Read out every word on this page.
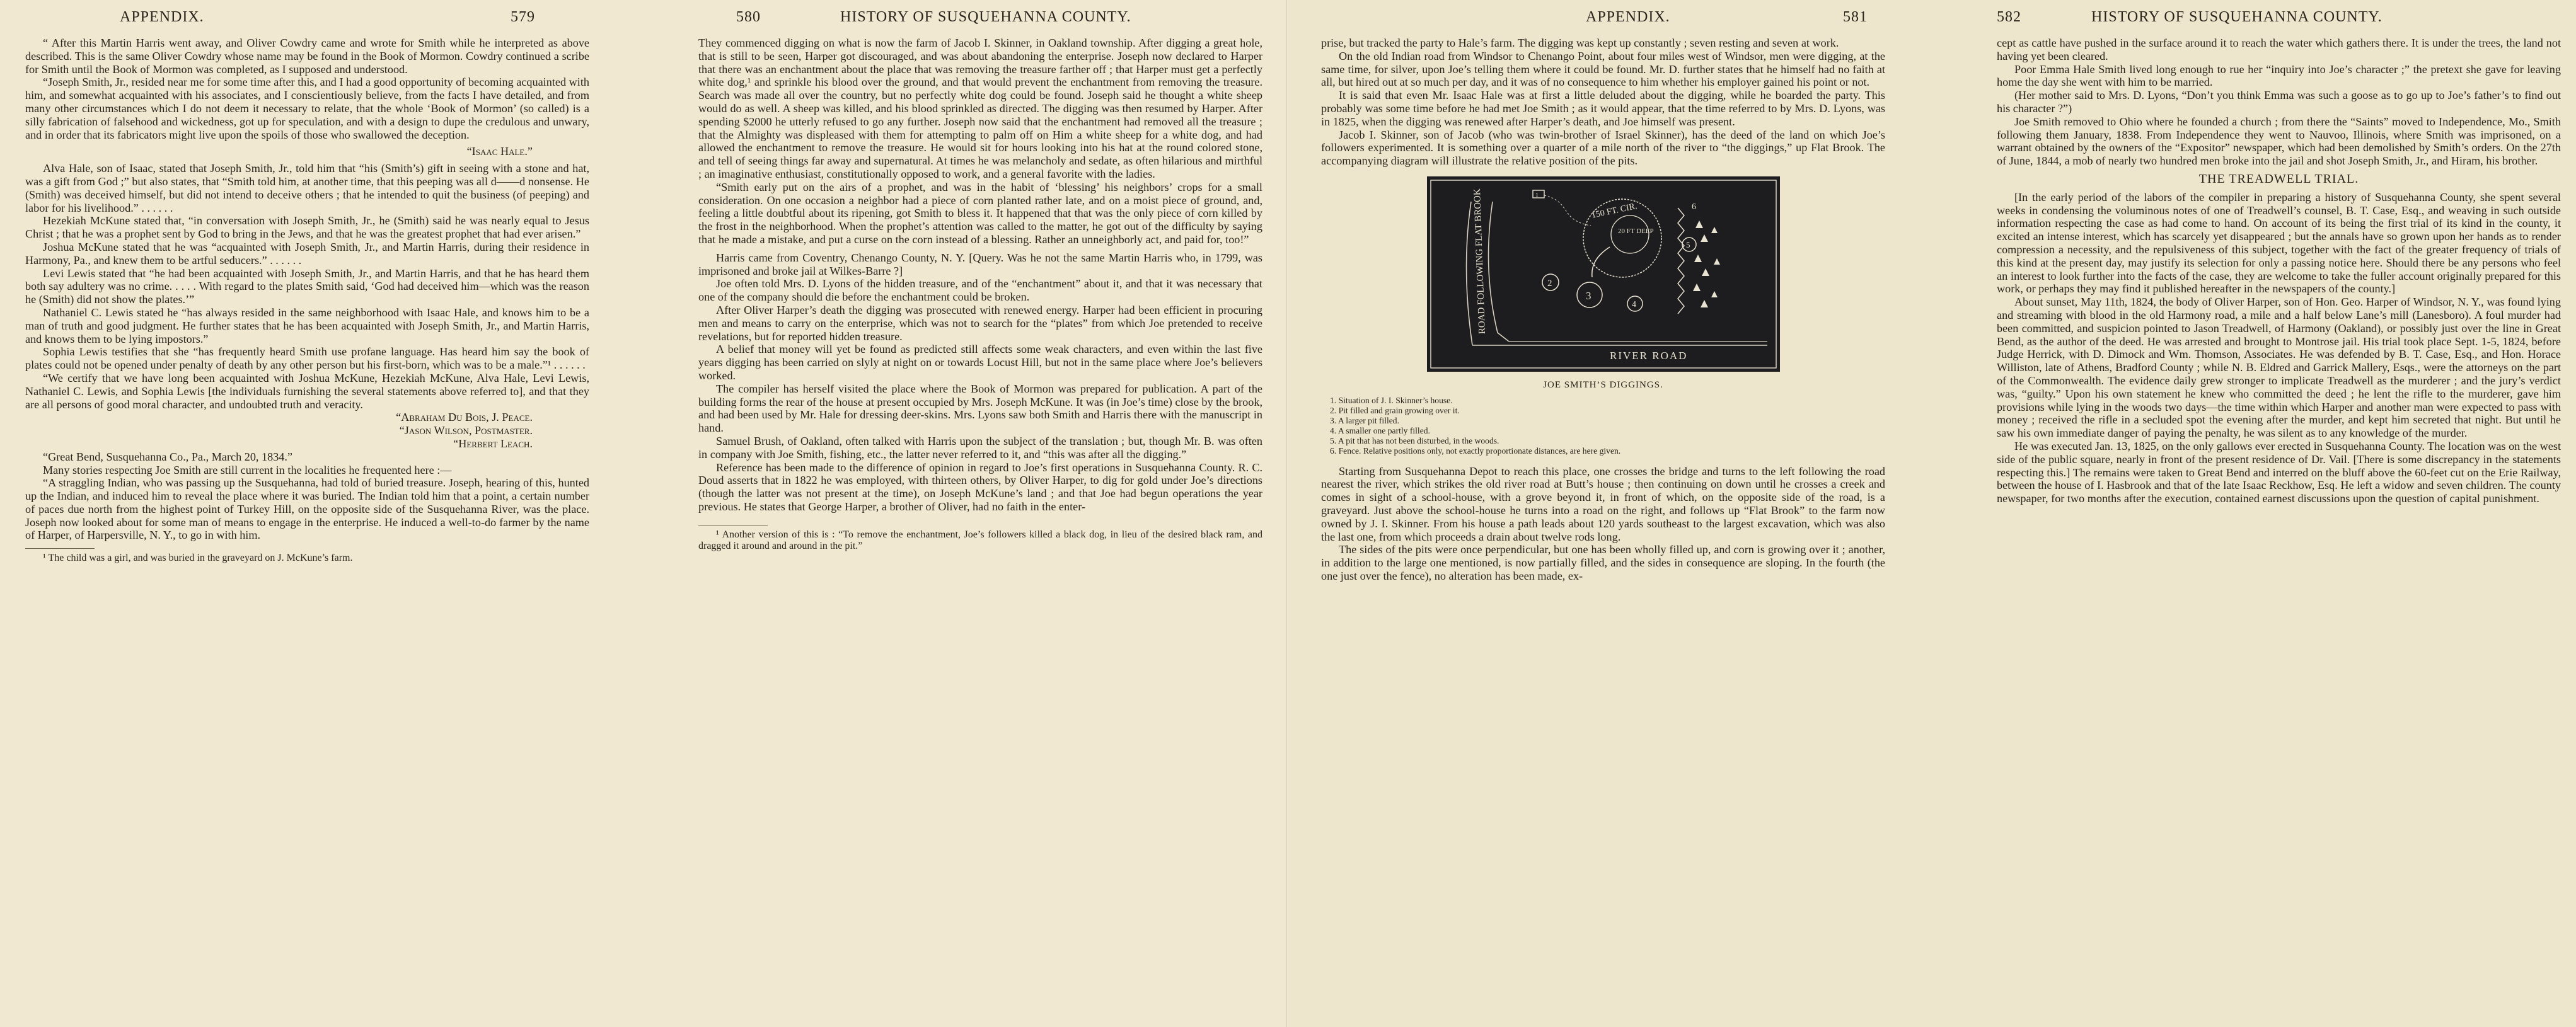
APPENDIX.	579

“ After this Martin Harris went away, and Oliver Cowdry came and wrote for Smith while he interpreted as above described. This is the same Oliver Cowdry whose name may be found in the Book of Mormon. Cowdry continued a scribe for Smith until the Book of Mormon was completed, as I supposed and understood.

“Joseph Smith, Jr., resided near me for some time after this, and I had a good opportunity of becoming acquainted with him, and somewhat acquainted with his associates, and I conscientiously believe, from the facts I have detailed, and from many other circumstances which I do not deem it necessary to relate, that the whole ‘Book of Mormon’ (so called) is a silly fabrication of falsehood and wickedness, got up for speculation, and with a design to dupe the credulous and unwary, and in order that its fabricators might live upon the spoils of those who swallowed the deception.

“Isaac Hale.”

Alva Hale, son of Isaac, stated that Joseph Smith, Jr., told him that “his (Smith’s) gift in seeing with a stone and hat, was a gift from God ;” but also states, that “Smith told him, at another time, that this peeping was all d——d nonsense. He (Smith) was deceived himself, but did not intend to deceive others ; that he intended to quit the business (of peeping) and labor for his livelihood.” . . . . . .

Hezekiah McKune stated that, “in conversation with Joseph Smith, Jr., he (Smith) said he was nearly equal to Jesus Christ ; that he was a prophet sent by God to bring in the Jews, and that he was the greatest prophet that had ever arisen.”

Joshua McKune stated that he was “acquainted with Joseph Smith, Jr., and Martin Harris, during their residence in Harmony, Pa., and knew them to be artful seducers.” . . . . . .

Levi Lewis stated that “he had been acquainted with Joseph Smith, Jr., and Martin Harris, and that he has heard them both say adultery was no crime. . . . . With regard to the plates Smith said, ‘God had deceived him—which was the reason he (Smith) did not show the plates.’”

Nathaniel C. Lewis stated he “has always resided in the same neighborhood with Isaac Hale, and knows him to be a man of truth and good judgment. He further states that he has been acquainted with Joseph Smith, Jr., and Martin Harris, and knows them to be lying impostors.”

Sophia Lewis testifies that she “has frequently heard Smith use profane language. Has heard him say the book of plates could not be opened under penalty of death by any other person but his first-born, which was to be a male.”¹ . . . . . .

“We certify that we have long been acquainted with Joshua McKune, Hezekiah McKune, Alva Hale, Levi Lewis, Nathaniel C. Lewis, and Sophia Lewis [the individuals furnishing the several statements above referred to], and that they are all persons of good moral character, and undoubted truth and veracity.

“Abraham Du Bois, J. Peace.

“Jason Wilson, Postmaster.

“Herbert Leach.

“Great Bend, Susquehanna Co., Pa., March 20, 1834.”

Many stories respecting Joe Smith are still current in the localities he frequented here :—

“A straggling Indian, who was passing up the Susquehanna, had told of buried treasure. Joseph, hearing of this, hunted up the Indian, and induced him to reveal the place where it was buried. The Indian told him that a point, a certain number of paces due north from the highest point of Turkey Hill, on the opposite side of the Susquehanna River, was the place. Joseph now looked about for some man of means to engage in the enterprise. He induced a well-to-do farmer by the name of Harper, of Harpersville, N. Y., to go in with him.

¹ The child was a girl, and was buried in the graveyard on J. McKune’s farm.

580	HISTORY OF SUSQUEHANNA COUNTY.

They commenced digging on what is now the farm of Jacob I. Skinner, in Oakland township. After digging a great hole, that is still to be seen, Harper got discouraged, and was about abandoning the enterprise. Joseph now declared to Harper that there was an enchantment about the place that was removing the treasure farther off ; that Harper must get a perfectly white dog,¹ and sprinkle his blood over the ground, and that would prevent the enchantment from removing the treasure. Search was made all over the country, but no perfectly white dog could be found. Joseph said he thought a white sheep would do as well. A sheep was killed, and his blood sprinkled as directed. The digging was then resumed by Harper. After spending $2000 he utterly refused to go any further. Joseph now said that the enchantment had removed all the treasure ; that the Almighty was displeased with them for attempting to palm off on Him a white sheep for a white dog, and had allowed the enchantment to remove the treasure. He would sit for hours looking into his hat at the round colored stone, and tell of seeing things far away and supernatural. At times he was melancholy and sedate, as often hilarious and mirthful ; an imaginative enthusiast, constitutionally opposed to work, and a general favorite with the ladies.

“Smith early put on the airs of a prophet, and was in the habit of ‘blessing’ his neighbors’ crops for a small consideration. On one occasion a neighbor had a piece of corn planted rather late, and on a moist piece of ground, and, feeling a little doubtful about its ripening, got Smith to bless it. It happened that that was the only piece of corn killed by the frost in the neighborhood. When the prophet’s attention was called to the matter, he got out of the difficulty by saying that he made a mistake, and put a curse on the corn instead of a blessing. Rather an unneighborly act, and paid for, too!”

Harris came from Coventry, Chenango County, N. Y. [Query. Was he not the same Martin Harris who, in 1799, was imprisoned and broke jail at Wilkes-Barre ?]

Joe often told Mrs. D. Lyons of the hidden treasure, and of the “enchantment” about it, and that it was necessary that one of the company should die before the enchantment could be broken.

After Oliver Harper’s death the digging was prosecuted with renewed energy. Harper had been efficient in procuring men and means to carry on the enterprise, which was not to search for the “plates” from which Joe pretended to receive revelations, but for reported hidden treasure.

A belief that money will yet be found as predicted still affects some weak characters, and even within the last five years digging has been carried on slyly at night on or towards Locust Hill, but not in the same place where Joe’s believers worked.

The compiler has herself visited the place where the Book of Mormon was prepared for publication. A part of the building forms the rear of the house at present occupied by Mrs. Joseph McKune. It was (in Joe’s time) close by the brook, and had been used by Mr. Hale for dressing deer-skins. Mrs. Lyons saw both Smith and Harris there with the manuscript in hand.

Samuel Brush, of Oakland, often talked with Harris upon the subject of the translation ; but, though Mr. B. was often in company with Joe Smith, fishing, etc., the latter never referred to it, and “this was after all the digging.”

Reference has been made to the difference of opinion in regard to Joe’s first operations in Susquehanna County. R. C. Doud asserts that in 1822 he was employed, with thirteen others, by Oliver Harper, to dig for gold under Joe’s directions (though the latter was not present at the time), on Joseph McKune’s land ; and that Joe had begun operations the year previous. He states that George Harper, a brother of Oliver, had no faith in the enter-

¹ Another version of this is : “To remove the enchantment, Joe’s followers killed a black dog, in lieu of the desired black ram, and dragged it around and around in the pit.”

APPENDIX.	581

prise, but tracked the party to Hale’s farm. The digging was kept up constantly ; seven resting and seven at work.

On the old Indian road from Windsor to Chenango Point, about four miles west of Windsor, men were digging, at the same time, for silver, upon Joe’s telling them where it could be found. Mr. D. further states that he himself had no faith at all, but hired out at so much per day, and it was of no consequence to him whether his employer gained his point or not.

It is said that even Mr. Isaac Hale was at first a little deluded about the digging, while he boarded the party. This probably was some time before he had met Joe Smith ; as it would appear, that the time referred to by Mrs. D. Lyons, was in 1825, when the digging was renewed after Harper’s death, and Joe himself was present.

Jacob I. Skinner, son of Jacob (who was twin-brother of Israel Skinner), has the deed of the land on which Joe’s followers experimented. It is something over a quarter of a mile north of the river to “the diggings,” up Flat Brook. The accompanying diagram will illustrate the relative position of the pits.

ROAD FOLLOWING FLAT BROOK
RIVER ROAD
1
150 FT. CIR.
20 FT DEEP
2
3
4
5
6
JOE SMITH’S DIGGINGS.
1. Situation of J. I. Skinner’s house.
2. Pit filled and grain growing over it.
3. A larger pit filled.
4. A smaller one partly filled.
5. A pit that has not been disturbed, in the woods.
6. Fence. Relative positions only, not exactly proportionate distances, are here given.

Starting from Susquehanna Depot to reach this place, one crosses the bridge and turns to the left following the road nearest the river, which strikes the old river road at Butt’s house ; then continuing on down until he crosses a creek and comes in sight of a school-house, with a grove beyond it, in front of which, on the opposite side of the road, is a graveyard. Just above the school-house he turns into a road on the right, and follows up “Flat Brook” to the farm now owned by J. I. Skinner. From his house a path leads about 120 yards southeast to the largest excavation, which was also the last one, from which proceeds a drain about twelve rods long.

The sides of the pits were once perpendicular, but one has been wholly filled up, and corn is growing over it ; another, in addition to the large one mentioned, is now partially filled, and the sides in consequence are sloping. In the fourth (the one just over the fence), no alteration has been made, ex-

582	HISTORY OF SUSQUEHANNA COUNTY.

cept as cattle have pushed in the surface around it to reach the water which gathers there. It is under the trees, the land not having yet been cleared.

Poor Emma Hale Smith lived long enough to rue her “inquiry into Joe’s character ;” the pretext she gave for leaving home the day she went with him to be married.

(Her mother said to Mrs. D. Lyons, “Don’t you think Emma was such a goose as to go up to Joe’s father’s to find out his character ?”)

Joe Smith removed to Ohio where he founded a church ; from there the “Saints” moved to Independence, Mo., Smith following them January, 1838. From Independence they went to Nauvoo, Illinois, where Smith was imprisoned, on a warrant obtained by the owners of the “Expositor” newspaper, which had been demolished by Smith’s orders. On the 27th of June, 1844, a mob of nearly two hundred men broke into the jail and shot Joseph Smith, Jr., and Hiram, his brother.

THE TREADWELL TRIAL.

[In the early period of the labors of the compiler in preparing a history of Susquehanna County, she spent several weeks in condensing the voluminous notes of one of Treadwell’s counsel, B. T. Case, Esq., and weaving in such outside information respecting the case as had come to hand. On account of its being the first trial of its kind in the county, it excited an intense interest, which has scarcely yet disappeared ; but the annals have so grown upon her hands as to render compression a necessity, and the repulsiveness of this subject, together with the fact of the greater frequency of trials of this kind at the present day, may justify its selection for only a passing notice here. Should there be any persons who feel an interest to look further into the facts of the case, they are welcome to take the fuller account originally prepared for this work, or perhaps they may find it published hereafter in the newspapers of the county.]

About sunset, May 11th, 1824, the body of Oliver Harper, son of Hon. Geo. Harper of Windsor, N. Y., was found lying and streaming with blood in the old Harmony road, a mile and a half below Lane’s mill (Lanesboro). A foul murder had been committed, and suspicion pointed to Jason Treadwell, of Harmony (Oakland), or possibly just over the line in Great Bend, as the author of the deed. He was arrested and brought to Montrose jail. His trial took place Sept. 1-5, 1824, before Judge Herrick, with D. Dimock and Wm. Thomson, Associates. He was defended by B. T. Case, Esq., and Hon. Horace Williston, late of Athens, Bradford County ; while N. B. Eldred and Garrick Mallery, Esqs., were the attorneys on the part of the Commonwealth. The evidence daily grew stronger to implicate Treadwell as the murderer ; and the jury’s verdict was, “guilty.” Upon his own statement he knew who committed the deed ; he lent the rifle to the murderer, gave him provisions while lying in the woods two days—the time within which Harper and another man were expected to pass with money ; received the rifle in a secluded spot the evening after the murder, and kept him secreted that night. But until he saw his own immediate danger of paying the penalty, he was silent as to any knowledge of the murder.

He was executed Jan. 13, 1825, on the only gallows ever erected in Susquehanna County. The location was on the west side of the public square, nearly in front of the present residence of Dr. Vail. [There is some discrepancy in the statements respecting this.] The remains were taken to Great Bend and interred on the bluff above the 60-feet cut on the Erie Railway, between the house of I. Hasbrook and that of the late Isaac Reckhow, Esq. He left a widow and seven children. The county newspaper, for two months after the execution, contained earnest discussions upon the question of capital punishment.
